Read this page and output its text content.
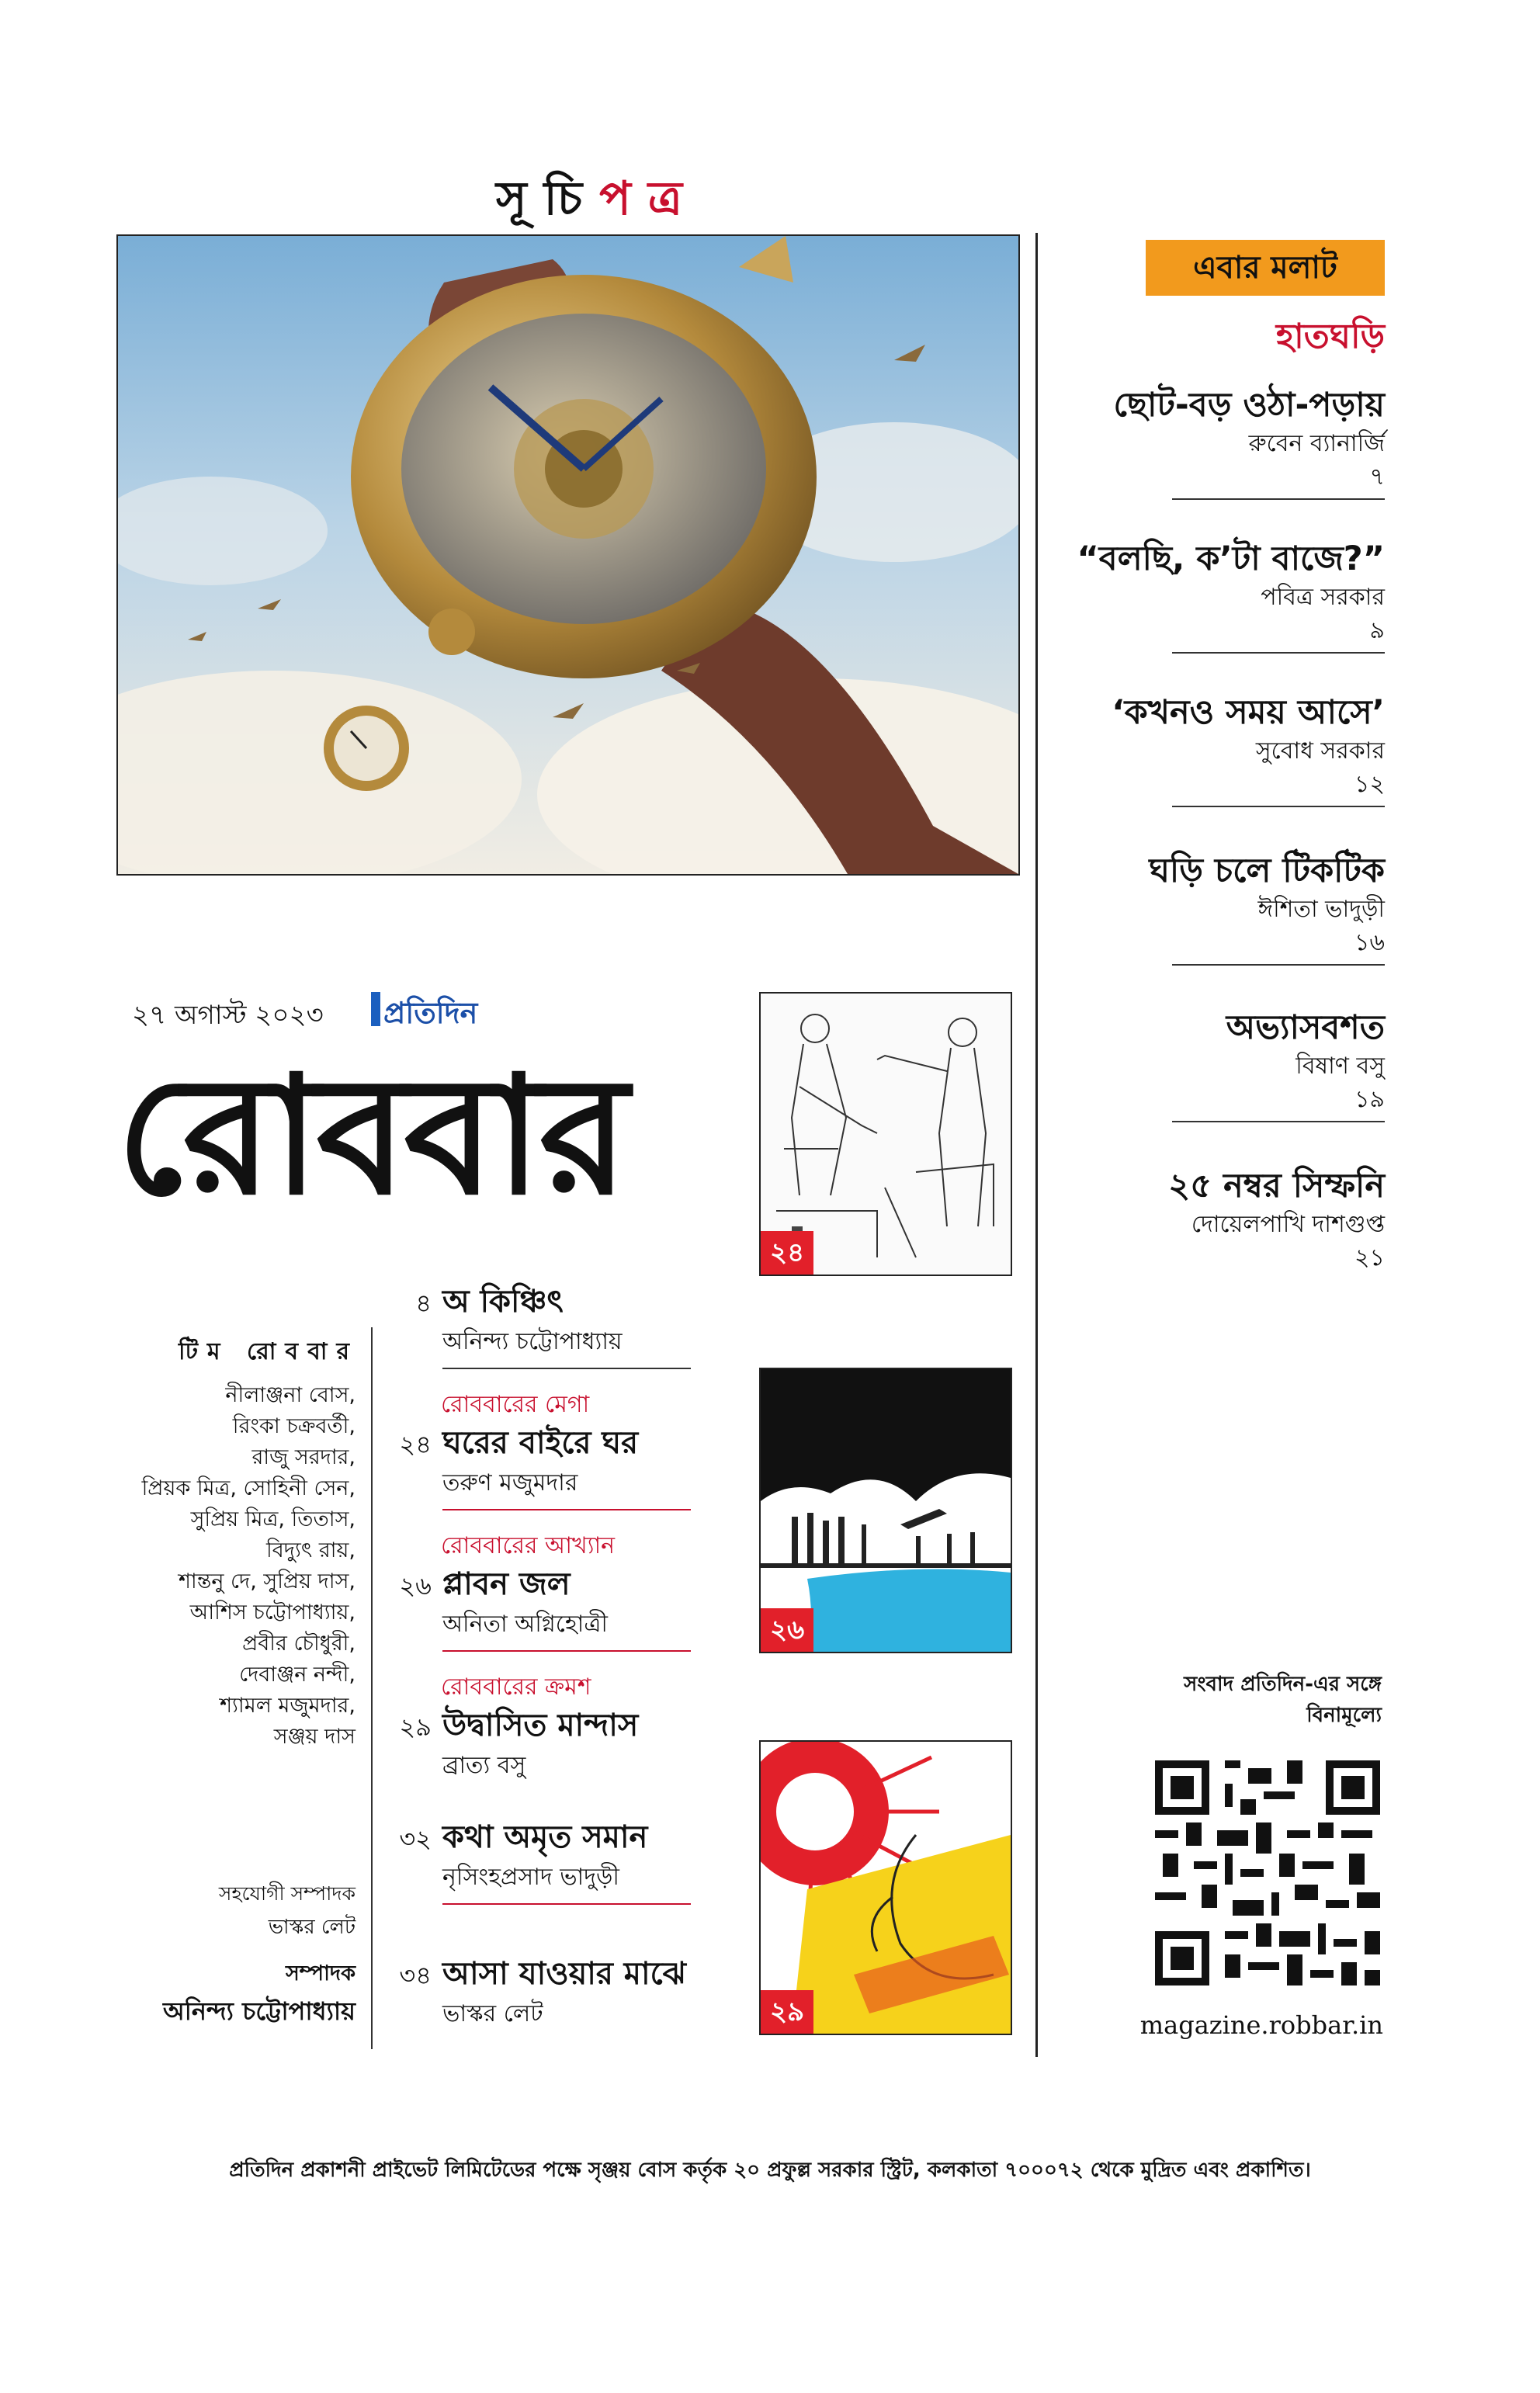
সূচিপত্র
এবার মলাট
হাতঘড়ি
ছোট-বড় ওঠা-পড়ায়
রুবেন ব্যানার্জি
৭
“বলছি, ক’টা বাজে?”
পবিত্র সরকার
৯
‘কখনও সময় আসে’
সুবোধ সরকার
১২
ঘড়ি চলে টিকটিক
ঈশিতা ভাদুড়ী
১৬
অভ্যাসবশত
বিষাণ বসু
১৯
২৫ নম্বর সিম্ফনি
দোয়েলপাখি দাশগুপ্ত
২১
২৭ অগাস্ট ২০২৩ প্রতিদিন
রোববার
২৪
২৬
২৯
টিম রোববার
নীলাঞ্জনা বোস,
রিংকা চক্রবর্তী,
রাজু সরদার,
প্রিয়ক মিত্র, সোহিনী সেন,
সুপ্রিয় মিত্র, তিতাস,
বিদ্যুৎ রায়,
শান্তনু দে, সুপ্রিয় দাস,
আশিস চট্টোপাধ্যায়,
প্রবীর চৌধুরী,
দেবাঞ্জন নন্দী,
শ্যামল মজুমদার,
সঞ্জয় দাস
সহযোগী সম্পাদক
ভাস্কর লেট
সম্পাদক
অনিন্দ্য চট্টোপাধ্যায়
৪ অ কিঞ্চিৎ
অনিন্দ্য চট্টোপাধ্যায়
রোববারের মেগা
২৪ ঘরের বাইরে ঘর
তরুণ মজুমদার
রোববারের আখ্যান
২৬ প্লাবন জল
অনিতা অগ্নিহোত্রী
রোববারের ক্রমশ
২৯ উদ্বাসিত মান্দাস
ব্রাত্য বসু
৩২ কথা অমৃত সমান
নৃসিংহপ্রসাদ ভাদুড়ী
৩৪ আসা যাওয়ার মাঝে
ভাস্কর লেট
সংবাদ প্রতিদিন-এর সঙ্গে
বিনামূল্যে
magazine.robbar.in
প্রতিদিন প্রকাশনী প্রাইভেট লিমিটেডের পক্ষে সৃঞ্জয় বোস কর্তৃক ২০ প্রফুল্ল সরকার স্ট্রিট, কলকাতা ৭০০০৭২ থেকে মুদ্রিত এবং প্রকাশিত।
